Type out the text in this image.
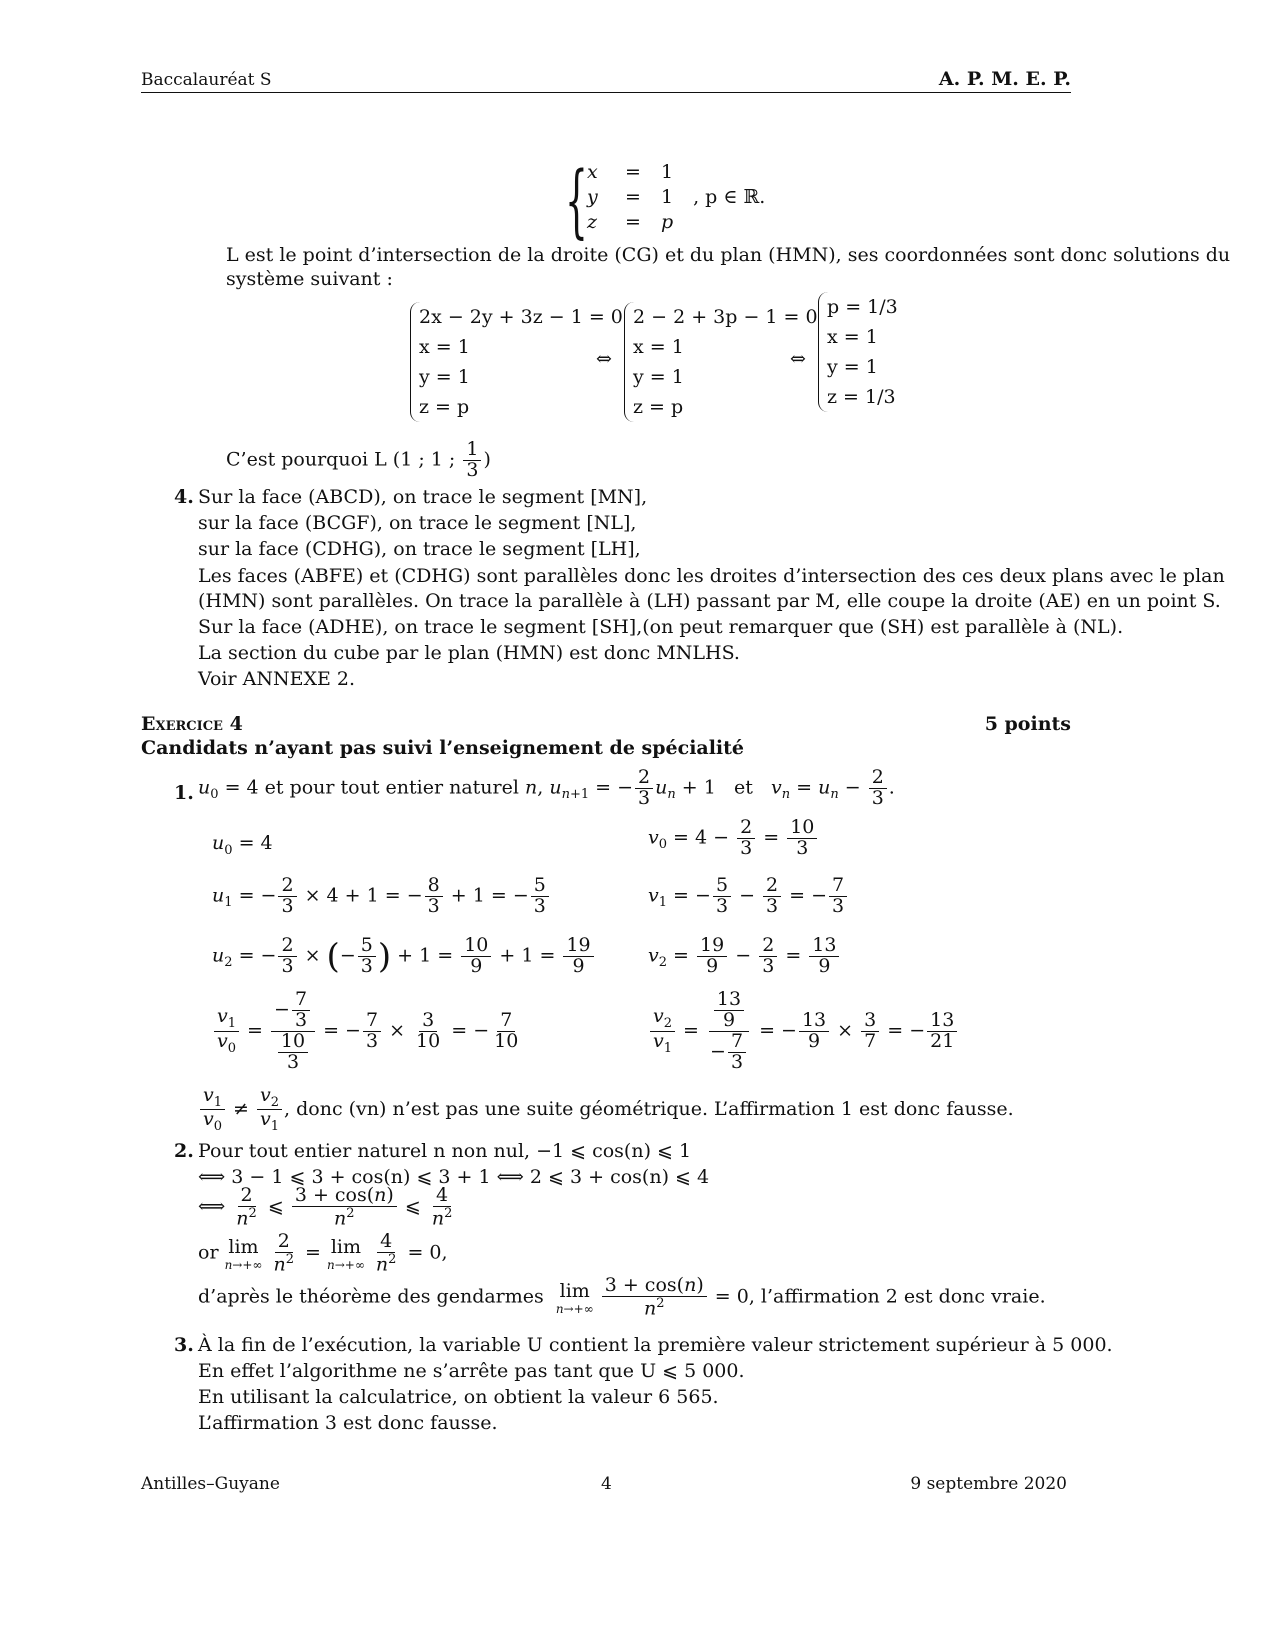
Baccalauréat S	A. P. M. E. P.
{ x = 1
y = 1 , p ∈ ℝ.
z = p
L est le point d’intersection de la droite (CG) et du plan (HMN), ses coordonnées sont donc solutions du
système suivant :
2x − 2y + 3z − 1 = 0
x = 1
y = 1
z = p
⇔
2 − 2 + 3p − 1 = 0
x = 1
y = 1
z = p
⇔
p = 1/3
x = 1
y = 1
z = 1/3
C’est pourquoi L (1 ; 1 ; $\frac{1}{3}$ )
4. Sur la face (ABCD), on trace le segment [MN],
sur la face (BCGF), on trace le segment [NL],
sur la face (CDHG), on trace le segment [LH],
Les faces (ABFE) et (CDHG) sont parallèles donc les droites d’intersection des ces deux plans avec le plan
(HMN) sont parallèles. On trace la parallèle à (LH) passant par M, elle coupe la droite (AE) en un point S.
Sur la face (ADHE), on trace le segment [SH],(on peut remarquer que (SH) est parallèle à (NL).
La section du cube par le plan (HMN) est donc MNLHS.
Voir ANNEXE 2.
Exercice 4	5 points
Candidats n’ayant pas suivi l’enseignement de spécialité
1. $u_0 = 4$ et pour tout entier naturel n, $u_{n+1}$ = − $\frac{2}{3} u_n + 1$   et   $v_n = u_n - \frac{2}{3}$ .
$u_0 = 4$
$u_1$ = − $\frac{2}{3} \times 4 + 1$ = − $\frac{8}{3} + 1$ = − $\frac{5}{3}$
$u_2$ = − $\frac{2}{3}$ × (− $\frac{5}{3}$ ) + $1 = \frac{10}{9} + 1 = \frac{19}{9}$
$\frac{v_1}{v_0} = \frac{- \frac{7}{3}}{\frac{10}{3}}$ = − $\frac{7}{3} \times \frac{3}{10}$ = − $\frac{7}{10}$
$v_0 = 4 - \frac{2}{3} = \frac{10}{3}$
$v_1$ = − $\frac{5}{3} - \frac{2}{3}$ = − $\frac{7}{3}$
$v_2 = \frac{19}{9} - \frac{2}{3} = \frac{13}{9}$
$\frac{v_2}{v_1} = \frac{\frac{13}{9}}{- \frac{7}{3}}$ = − $\frac{13}{9} \times \frac{3}{7}$ = − $\frac{13}{21}$
$\frac{v_1}{v_0} \ne \frac{v_2}{v_1}$ , donc (vn) n’est pas une suite géométrique. L’affirmation 1 est donc fausse.
2. Pour tout entier naturel n non nul, −1 ⩽ cos(n) ⩽ 1
⟺ 3 − 1 ⩽ 3 + cos(n) ⩽ 3 + 1 ⟺ 2 ⩽ 3 + cos(n) ⩽ 4
⟺ $\frac{2}{n^2}$ ⩽ $\frac{3 + \cos(n)}{n^2}$ ⩽ $\frac{4}{n^2}$
or lim
n→+∞
$\frac{2}{n^2} = \lim$
n→+∞
$\frac{4}{n^2} = 0$,
d’après le théorème des gendarmes lim
n→+∞
$\frac{3 + \cos(n)}{n^2} = 0$, l’affirmation 2 est donc vraie.
3. À la fin de l’exécution, la variable U contient la première valeur strictement supérieur à 5 000.
En effet l’algorithme ne s’arrête pas tant que U ⩽ 5 000.
En utilisant la calculatrice, on obtient la valeur 6 565.
L’affirmation 3 est donc fausse.
Antilles–Guyane	4	9 septembre 2020
